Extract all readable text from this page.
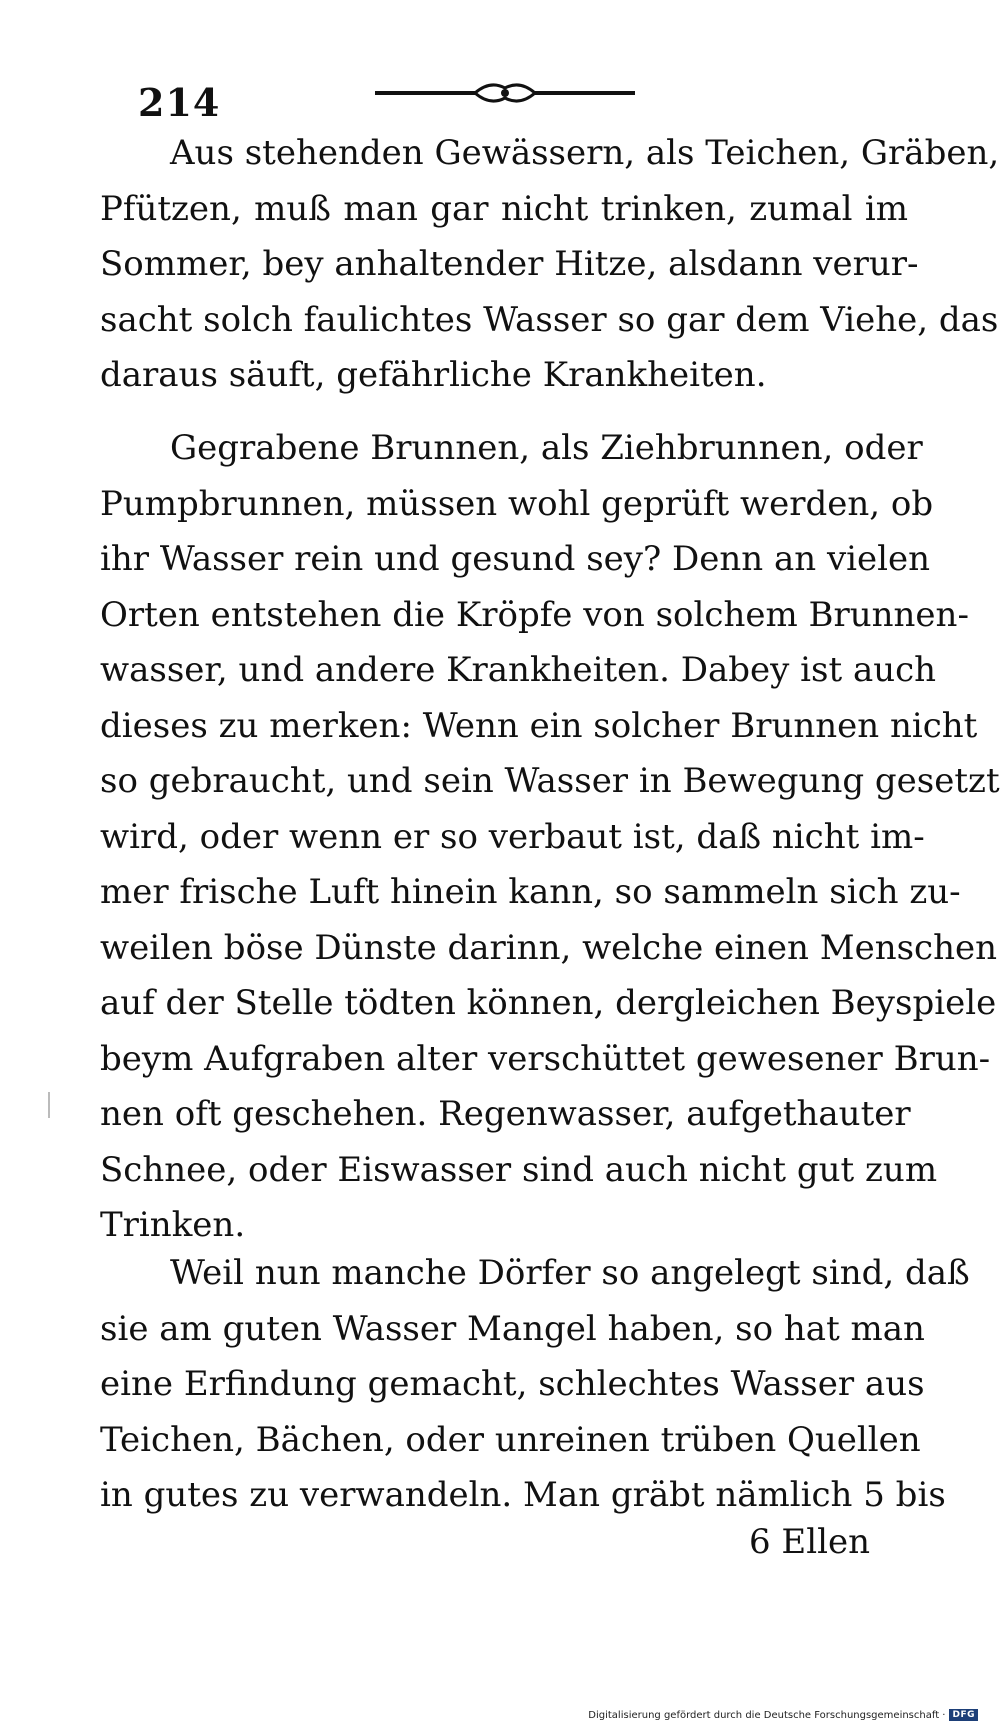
214
Aus stehenden Gewässern, als Teichen, Gräben,
Pfützen, muß man gar nicht trinken, zumal im
Sommer, bey anhaltender Hitze, alsdann verur-
sacht solch faulichtes Wasser so gar dem Viehe, das
daraus säuft, gefährliche Krankheiten.
Gegrabene Brunnen, als Ziehbrunnen, oder
Pumpbrunnen, müssen wohl geprüft werden, ob
ihr Wasser rein und gesund sey? Denn an vielen
Orten entstehen die Kröpfe von solchem Brunnen-
wasser, und andere Krankheiten. Dabey ist auch
dieses zu merken: Wenn ein solcher Brunnen nicht
so gebraucht, und sein Wasser in Bewegung gesetzt
wird, oder wenn er so verbaut ist, daß nicht im-
mer frische Luft hinein kann, so sammeln sich zu-
weilen böse Dünste darinn, welche einen Menschen
auf der Stelle tödten können, dergleichen Beyspiele
beym Aufgraben alter verschüttet gewesener Brun-
nen oft geschehen. Regenwasser, aufgethauter
Schnee, oder Eiswasser sind auch nicht gut zum
Trinken.
Weil nun manche Dörfer so angelegt sind, daß
sie am guten Wasser Mangel haben, so hat man
eine Erfindung gemacht, schlechtes Wasser aus
Teichen, Bächen, oder unreinen trüben Quellen
in gutes zu verwandeln. Man gräbt nämlich 5 bis
6 Ellen
Digitalisierung gefördert durch die Deutsche Forschungsgemeinschaft · DFG
